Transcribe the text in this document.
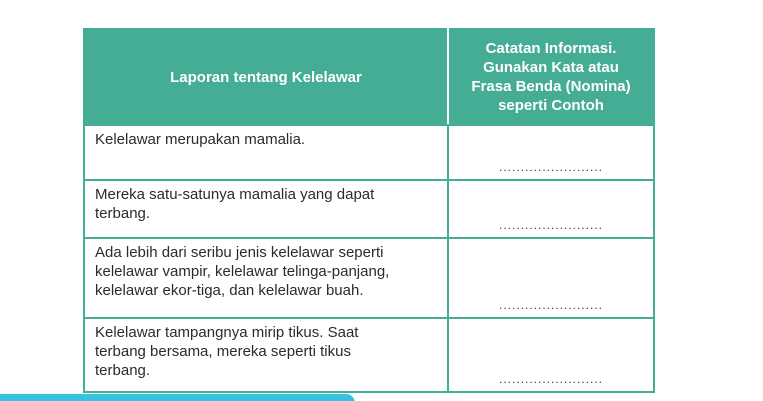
Laporan tentang Kelelawar	Catatan Informasi.
Gunakan Kata atau
Frasa Benda (Nomina)
seperti Contoh
Kelelawar merupakan mamalia.	........................
Mereka satu-satunya mamalia yang dapat
terbang.	........................
Ada lebih dari seribu jenis kelelawar seperti
kelelawar vampir, kelelawar telinga-panjang,
kelelawar ekor-tiga, dan kelelawar buah.	........................
Kelelawar tampangnya mirip tikus. Saat
terbang bersama, mereka seperti tikus
terbang.	........................
